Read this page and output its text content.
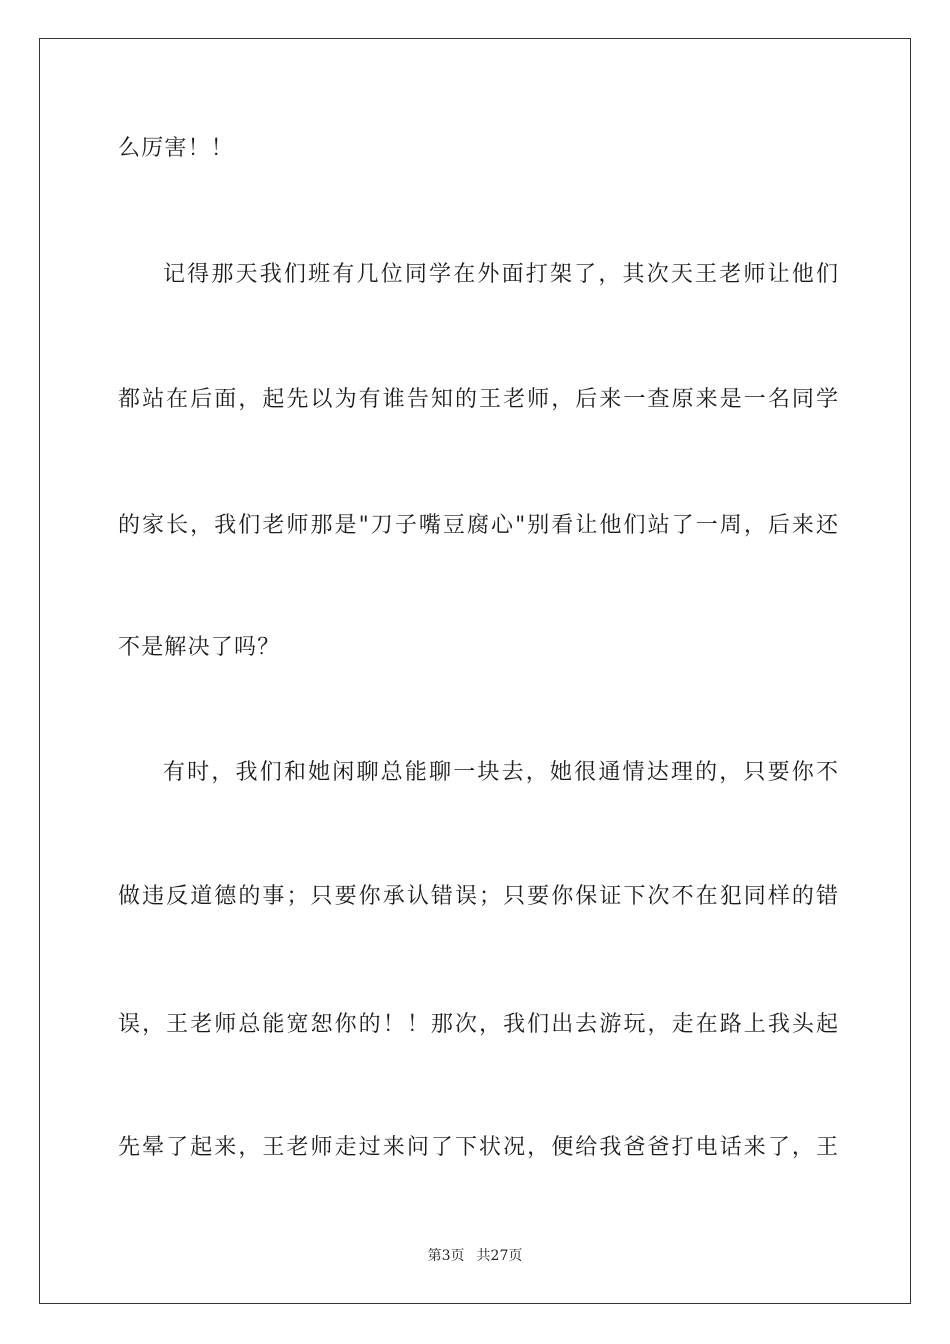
么厉害！！
记得那天我们班有几位同学在外面打架了，其次天王老师让他们
都站在后面，起先以为有谁告知的王老师，后来一查原来是一名同学
的家长，我们老师那是"刀子嘴豆腐心"别看让他们站了一周，后来还
不是解决了吗？
有时，我们和她闲聊总能聊一块去，她很通情达理的，只要你不
做违反道德的事；只要你承认错误；只要你保证下次不在犯同样的错
误，王老师总能宽恕你的！！那次，我们出去游玩，走在路上我头起
先晕了起来，王老师走过来问了下状况，便给我爸爸打电话来了，王
第3页 共27页
